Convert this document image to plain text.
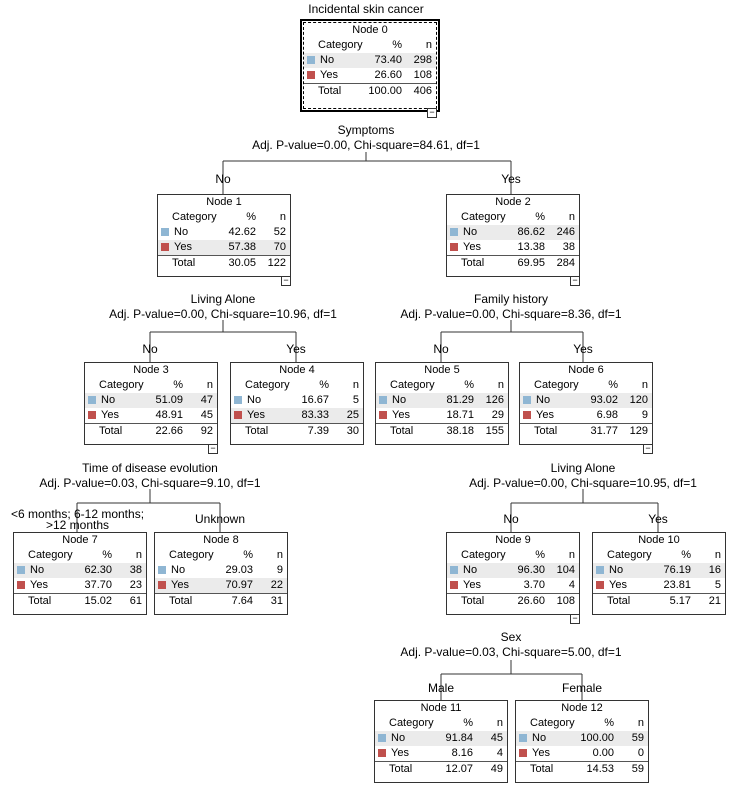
Incidental skin cancer
Node 0
Category	% n
No	73.40 298
Yes	26.60 108
Total 100.00 406
−
Node 1
Category	% n
No	42.62 52
Yes	57.38 70
Total	30.05 122
−
Node 2
Category	% n
No	86.62 246
Yes	13.38 38
Total	69.95 284
−
Node 3
Category	% n
No	51.09 47
Yes	48.91 45
Total	22.66 92
−
Node 4
Category	% n
No	16.67 5
Yes	83.33 25
Total	7.39 30
Node 5
Category	% n
No	81.29 126
Yes	18.71 29
Total	38.18 155
Node 6
Category	% n
No	93.02 120
Yes	6.98 9
Total	31.77 129
−
Node 7
Category	% n
No	62.30 38
Yes	37.70 23
Total	15.02 61
Node 8
Category	% n
No	29.03 9
Yes	70.97 22
Total	7.64 31
Node 9
Category	% n
No	96.30 104
Yes	3.70 4
Total	26.60 108
−
Node 10
Category	% n
No	76.19 16
Yes	23.81 5
Total	5.17 21
Node 11
Category	% n
No	91.84 45
Yes	8.16 4
Total	12.07 49
Node 12
Category	% n
No	100.00 59
Yes	0.00 0
Total	14.53 59
Symptoms
Adj. P-value=0.00, Chi-square=84.61, df=1
Living Alone
Adj. P-value=0.00, Chi-square=10.96, df=1
Family history
Adj. P-value=0.00, Chi-square=8.36, df=1
Time of disease evolution
Adj. P-value=0.03, Chi-square=9.10, df=1
Living Alone
Adj. P-value=0.00, Chi-square=10.95, df=1
Sex
Adj. P-value=0.03, Chi-square=5.00, df=1
No	Yes
No	Yes	No	Yes
<6 months; 6-12 months;
>12 months	Unknown	No	Yes
Male	Female
